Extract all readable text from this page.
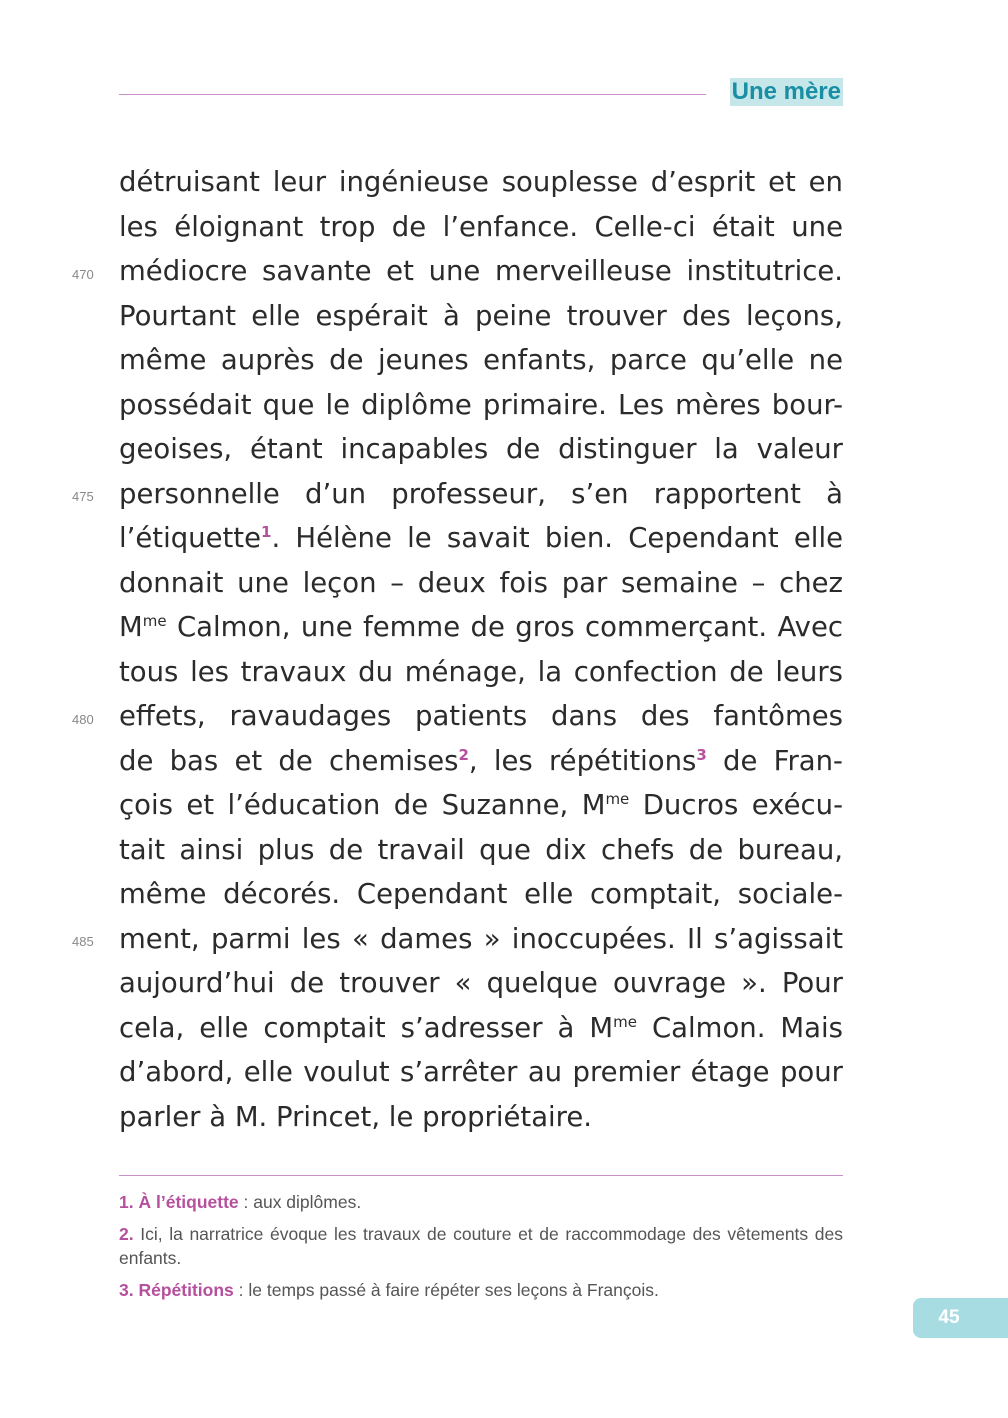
Une mère
détruisant leur ingénieuse souplesse d’esprit et en
les éloignant trop de l’enfance. Celle-ci était une
médiocre savante et une merveilleuse institutrice.
Pourtant elle espérait à peine trouver des leçons,
même auprès de jeunes enfants, parce qu’elle ne
possédait que le diplôme primaire. Les mères bour-
geoises, étant incapables de distinguer la valeur
personnelle d’un professeur, s’en rapportent à
l’étiquette$^1$. Hélène le savait bien. Cependant elle
donnait une leçon – deux fois par semaine – chez
$M^{me}$ Calmon, une femme de gros commerçant. Avec
tous les travaux du ménage, la confection de leurs
effets, ravaudages patients dans des fantômes
de bas et de chemises$^2$, les répétitions$^3$ de Fran-
çois et l’éducation de Suzanne, $M^{me}$ Ducros exécu-
tait ainsi plus de travail que dix chefs de bureau,
même décorés. Cependant elle comptait, sociale-
ment, parmi les « dames » inoccupées. Il s’agissait
aujourd’hui de trouver « quelque ouvrage ». Pour
cela, elle comptait s’adresser à $M^{me}$ Calmon. Mais
d’abord, elle voulut s’arrêter au premier étage pour
parler à M. Princet, le propriétaire.
470
475
480
485
1. À l’étiquette : aux diplômes.
2. Ici, la narratrice évoque les travaux de couture et de raccommodage des vêtements des enfants.
3. Répétitions : le temps passé à faire répéter ses leçons à François.
45
